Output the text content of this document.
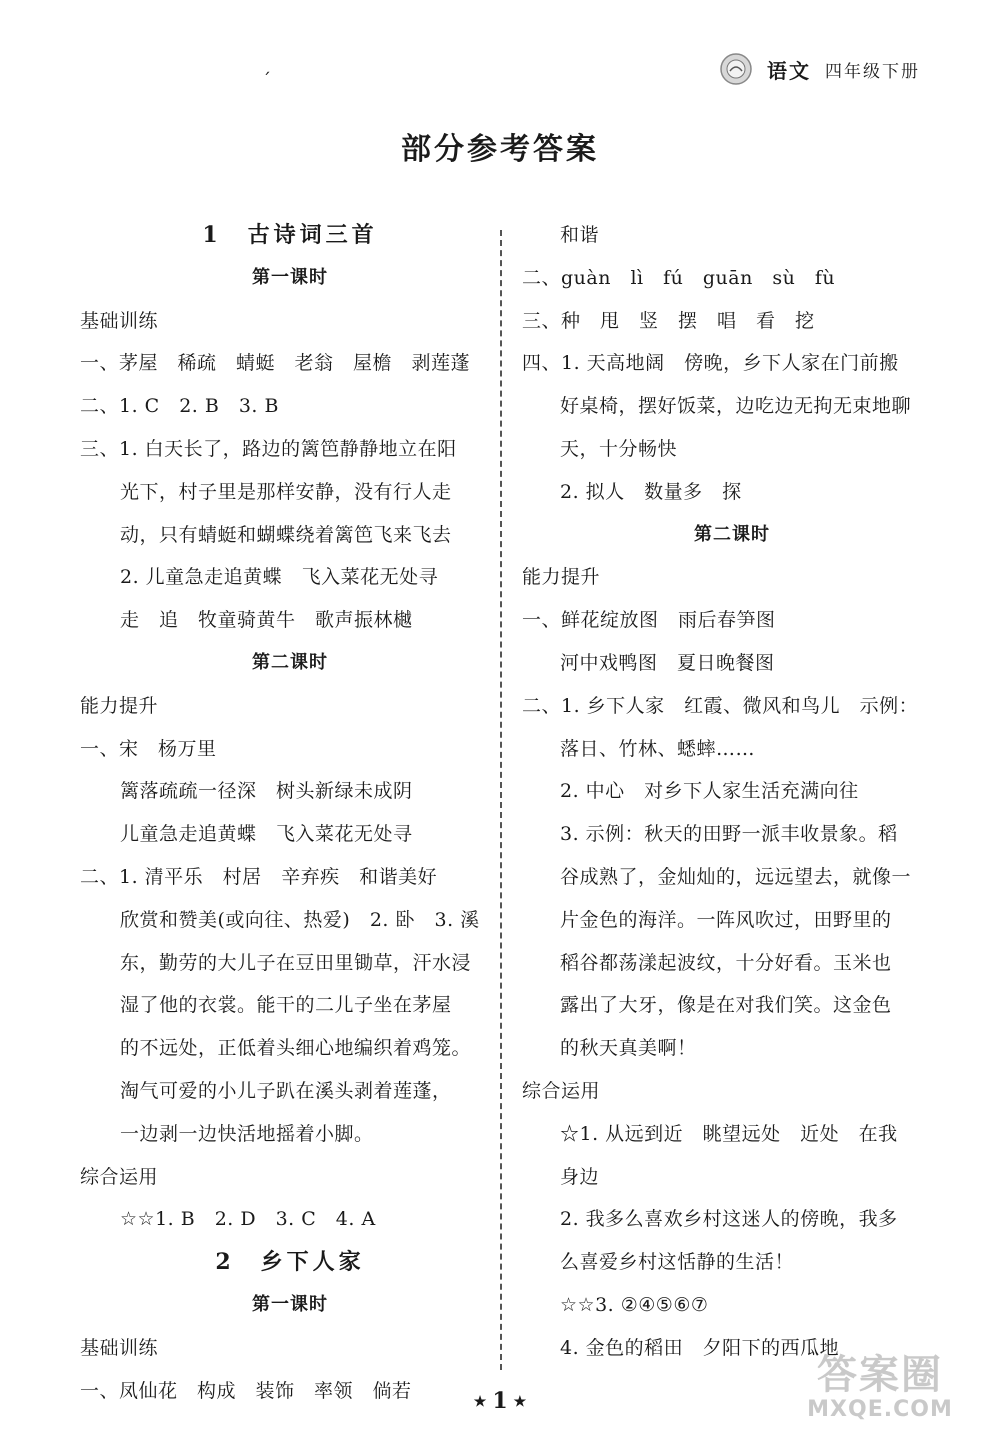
语文 四年级下册
ˊ
部分参考答案
1　古诗词三首
第一课时
基础训练
一、茅屋　稀疏　蜻蜓　老翁　屋檐　剥莲蓬
二、1. C　2. B　3. B
三、1. 白天长了，路边的篱笆静静地立在阳
光下，村子里是那样安静，没有行人走
动，只有蜻蜓和蝴蝶绕着篱笆飞来飞去
2. 儿童急走追黄蝶　飞入菜花无处寻
走　追　牧童骑黄牛　歌声振林樾
第二课时
能力提升
一、宋　杨万里
篱落疏疏一径深　树头新绿未成阴
儿童急走追黄蝶　飞入菜花无处寻
二、1. 清平乐　村居　辛弃疾　和谐美好
欣赏和赞美(或向往、热爱)　2. 卧　3. 溪
东，勤劳的大儿子在豆田里锄草，汗水浸
湿了他的衣裳。能干的二儿子坐在茅屋
的不远处，正低着头细心地编织着鸡笼。
淘气可爱的小儿子趴在溪头剥着莲蓬，
一边剥一边快活地摇着小脚。
综合运用
☆☆1. B　2. D　3. C　4. A
2　乡下人家
第一课时
基础训练
一、凤仙花　构成　装饰　率领　倘若
和谐
二、guàn　lì　fú　guān　sù　fù
三、种　甩　竖　摆　唱　看　挖
四、1. 天高地阔　傍晚，乡下人家在门前搬
好桌椅，摆好饭菜，边吃边无拘无束地聊
天，十分畅快
2. 拟人　数量多　探
第二课时
能力提升
一、鲜花绽放图　雨后春笋图
河中戏鸭图　夏日晚餐图
二、1. 乡下人家　红霞、微风和鸟儿　示例：
落日、竹林、蟋蟀……
2. 中心　对乡下人家生活充满向往
3. 示例：秋天的田野一派丰收景象。稻
谷成熟了，金灿灿的，远远望去，就像一
片金色的海洋。一阵风吹过，田野里的
稻谷都荡漾起波纹，十分好看。玉米也
露出了大牙，像是在对我们笑。这金色
的秋天真美啊！
综合运用
☆1. 从远到近　眺望远处　近处　在我
身边
2. 我多么喜欢乡村这迷人的傍晚，我多
么喜爱乡村这恬静的生活！
☆☆3. ②④⑤⑥⑦
4. 金色的稻田　夕阳下的西瓜地
★ 1 ★
答案圈
MXQE.COM
